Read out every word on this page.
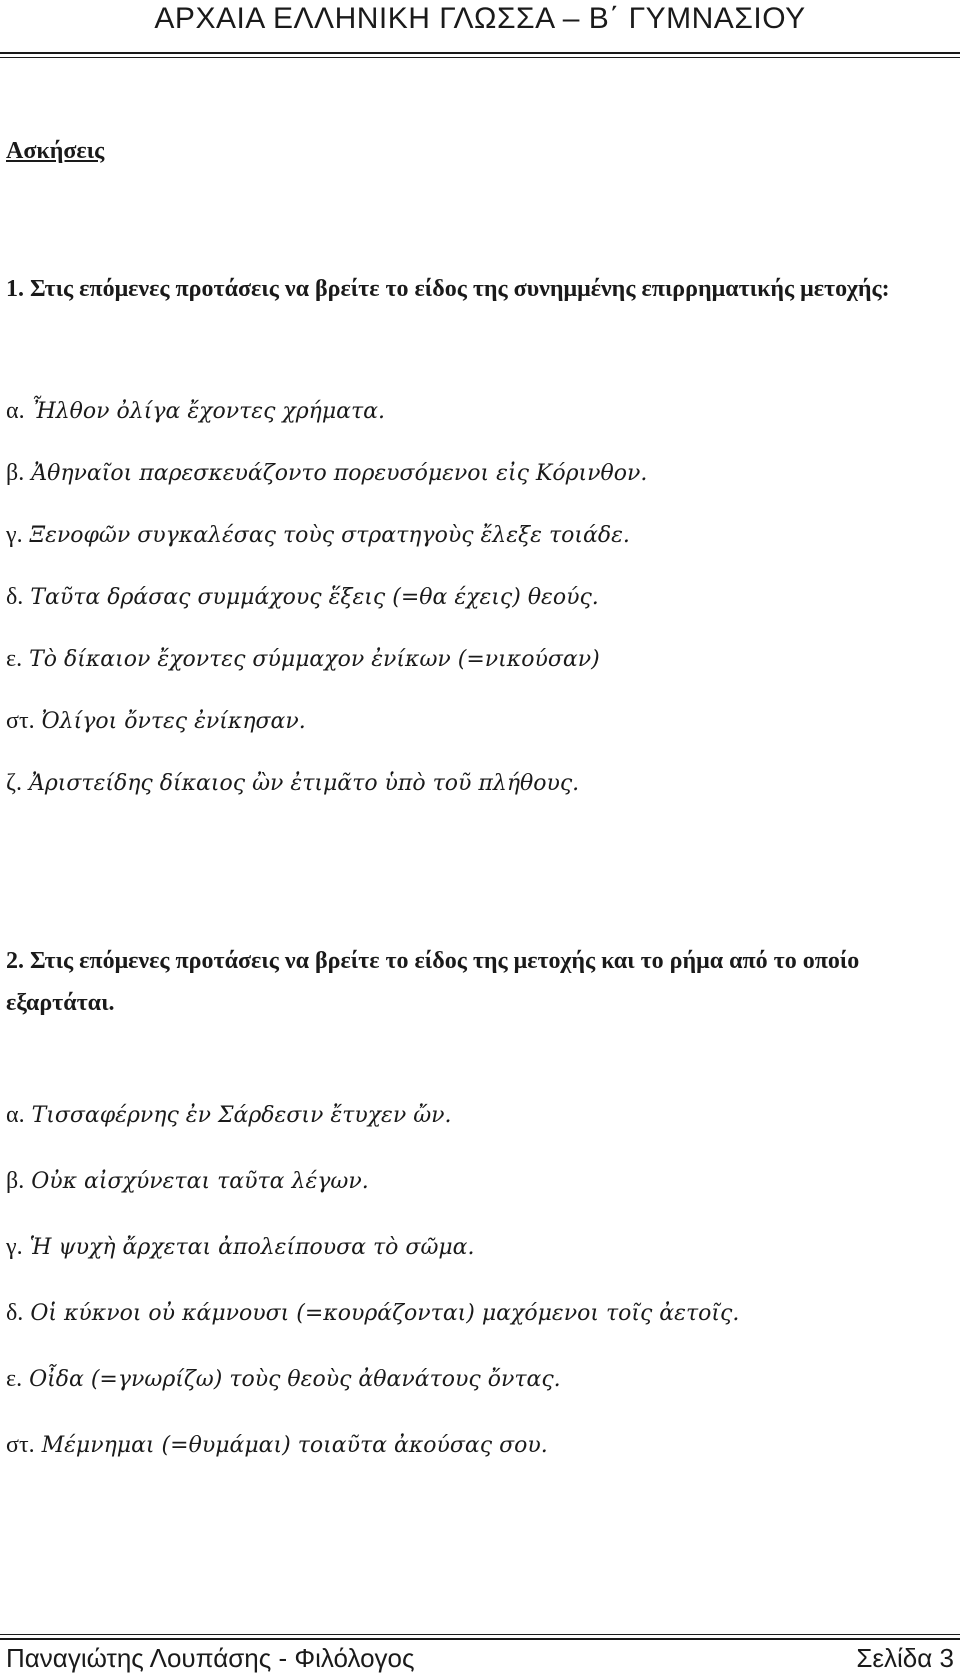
ΑΡΧΑΙΑ ΕΛΛΗΝΙΚΗ ΓΛΩΣΣΑ – Β΄ ΓΥΜΝΑΣΙΟΥ
Ασκήσεις
1. Στις επόμενες προτάσεις να βρείτε το είδος της συνημμένης επιρρηματικής μετοχής:
α. Ἦλθον ὀλίγα ἔχοντες χρήματα.
β. Ἀθηναῖοι παρεσκευάζοντο πορευσόμενοι εἰς Κόρινθον.
γ. Ξενοφῶν συγκαλέσας τοὺς στρατηγοὺς ἔλεξε τοιάδε.
δ. Ταῦτα δράσας συμμάχους ἕξεις (=θα έχεις) θεούς.
ε. Τὸ δίκαιον ἔχοντες σύμμαχον ἐνίκων (=νικούσαν)
στ. Ὀλίγοι ὄντες ἐνίκησαν.
ζ. Ἀριστείδης δίκαιος ὢν ἐτιμᾶτο ὑπὸ τοῦ πλήθους.
2. Στις επόμενες προτάσεις να βρείτε το είδος της μετοχής και το ρήμα από το οποίο εξαρτάται.
α. Τισσαφέρνης ἐν Σάρδεσιν ἔτυχεν ὤν.
β. Οὐκ αἰσχύνεται ταῦτα λέγων.
γ. Ἡ ψυχὴ ἄρχεται ἀπολείπουσα τὸ σῶμα.
δ. Οἱ κύκνοι οὐ κάμνουσι (=κουράζονται) μαχόμενοι τοῖς ἀετοῖς.
ε. Οἶδα (=γνωρίζω) τοὺς θεοὺς ἀθανάτους ὄντας.
στ. Μέμνημαι (=θυμάμαι) τοιαῦτα ἀκούσας σου.
Παναγιώτης Λουπάσης - Φιλόλογος	Σελίδα 3
